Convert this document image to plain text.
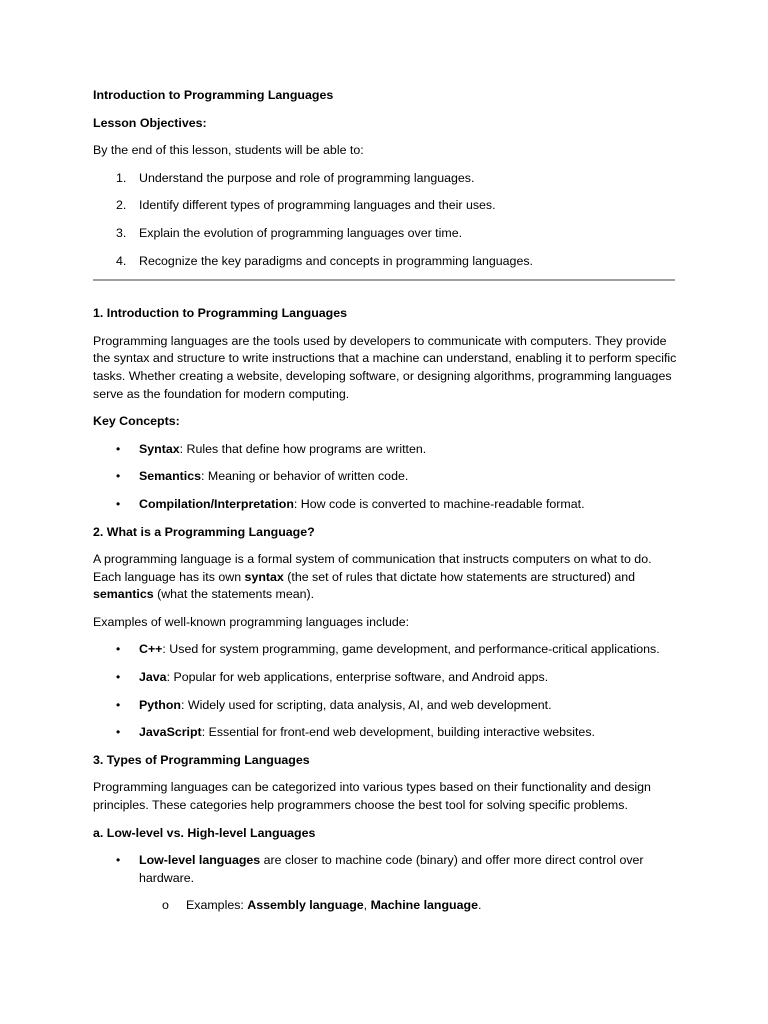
Introduction to Programming Languages

Lesson Objectives:

By the end of this lesson, students will be able to:

1. Understand the purpose and role of programming languages.
2. Identify different types of programming languages and their uses.
3. Explain the evolution of programming languages over time.
4. Recognize the key paradigms and concepts in programming languages.

1. Introduction to Programming Languages

Programming languages are the tools used by developers to communicate with computers. They provide the syntax and structure to write instructions that a machine can understand, enabling it to perform specific tasks. Whether creating a website, developing software, or designing algorithms, programming languages serve as the foundation for modern computing.

Key Concepts:

• Syntax: Rules that define how programs are written.
• Semantics: Meaning or behavior of written code.
• Compilation/Interpretation: How code is converted to machine-readable format.

2. What is a Programming Language?

A programming language is a formal system of communication that instructs computers on what to do. Each language has its own syntax (the set of rules that dictate how statements are structured) and semantics (what the statements mean).

Examples of well-known programming languages include:

• C++: Used for system programming, game development, and performance-critical applications.
• Java: Popular for web applications, enterprise software, and Android apps.
• Python: Widely used for scripting, data analysis, AI, and web development.
• JavaScript: Essential for front-end web development, building interactive websites.

3. Types of Programming Languages

Programming languages can be categorized into various types based on their functionality and design principles. These categories help programmers choose the best tool for solving specific problems.

a. Low-level vs. High-level Languages

• Low-level languages are closer to machine code (binary) and offer more direct control over hardware.
o Examples: Assembly language, Machine language.
